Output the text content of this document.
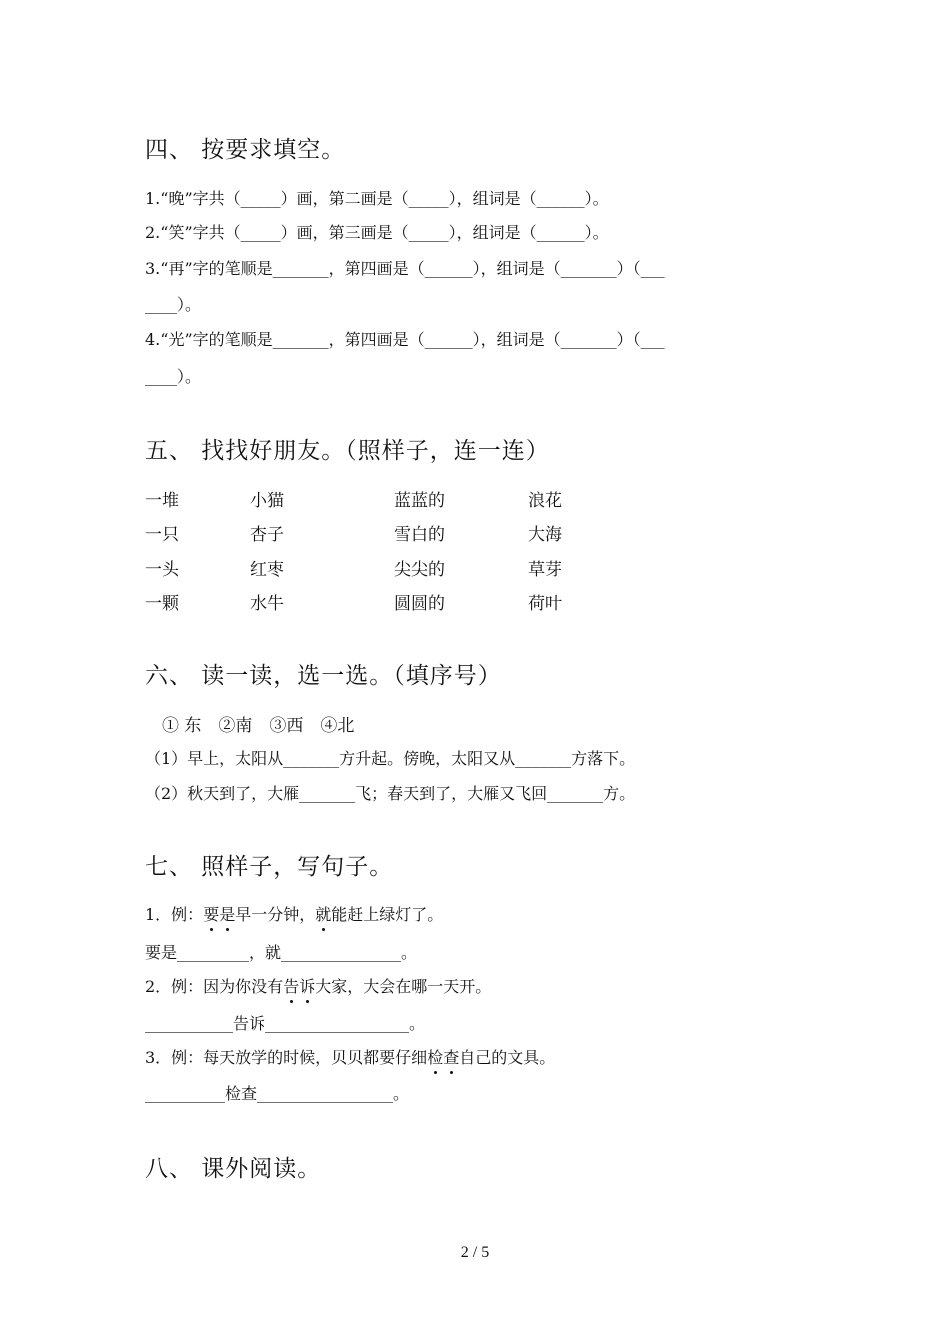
四、 按要求填空。
1.“晚”字共（_____）画，第二画是（_____），组词是（______）。
2.“笑”字共（_____）画，第三画是（_____），组词是（______）。
3.“再”字的笔顺是_______，第四画是（______），组词是（_______）（___
____）。
4.“光”字的笔顺是_______，第四画是（______），组词是（_______）（___
____）。
五、 找找好朋友。（照样子，连一连）
一堆
一只
一头
一颗
小猫
杏子
红枣
水牛
蓝蓝的
雪白的
尖尖的
圆圆的
浪花
大海
草芽
荷叶
六、 读一读，选一选。（填序号）
① 东　②南　③西　④北
（1）早上，太阳从_______方升起。傍晚，太阳又从_______方落下。
（2）秋天到了，大雁_______飞；春天到了，大雁又飞回_______方。
七、 照样子，写句子。
1．例：要是早一分钟，就能赶上绿灯了。
要是_________，就_______________。
2．例：因为你没有告诉大家，大会在哪一天开。
___________告诉__________________。
3．例：每天放学的时候，贝贝都要仔细检查自己的文具。
__________检查_________________。
八、 课外阅读。
2 / 5
